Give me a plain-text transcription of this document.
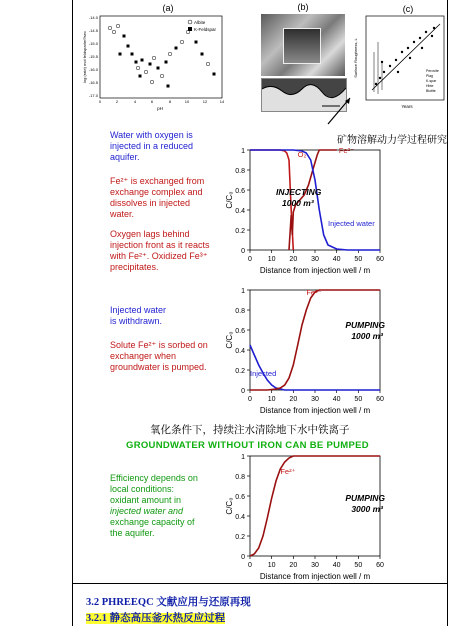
(a)
-14.0
-14.5
-15.0
-15.5
-16.0
-16.5
-17.0
0	2	4	6	8	10	12	14
pH
log (rate) mol feldspar/m²/sec
Albite
K-Feldspar
(b)	(c)
Surface Roughness, L
Years
Perovite
Plag
K-spar
Hbte
Biotite
矿物溶解动力学过程研究
Water with oxygen is
injected in a reduced
aquifer.
Fe²⁺ is exchanged from
exchange complex and
dissolves in injected
water.
Oxygen lags behind
injection front as it reacts
with Fe²⁺. Oxidized Fe³⁺
precipitates.
0
0.2
0.4
0.6
0.8
1
0 10 20 30 40 50 60
Distance from injection well / m
C/C₀	INJECTING
1000 m³
O₂	Fe²⁻
Injected water
Injected water
is withdrawn.
Solute Fe²⁺ is sorbed on
exchanger when
groundwater is pumped.
0
0.2
0.4
0.6
0.8
1
0 10 20 30 40 50 60
Distance from injection well / m
C/C₀
PUMPING
1000 m³
Injected
Fe²⁻
氧化条件下，持续注水清除地下水中铁离子
GROUNDWATER WITHOUT IRON CAN BE PUMPED
Efficiency depends on
local conditions:
oxidant amount in
injected water and
exchange capacity of
the aquifer.
0
0.2
0.4
0.6
0.8
1
0 10 20 30 40 50 60
Distance from injection well / m
C/C₀	PUMPING
3000 m³
Fe²⁺
3.2 PHREEQC 文献应用与还原再现
3.2.1 静态高压釜水热反应过程
